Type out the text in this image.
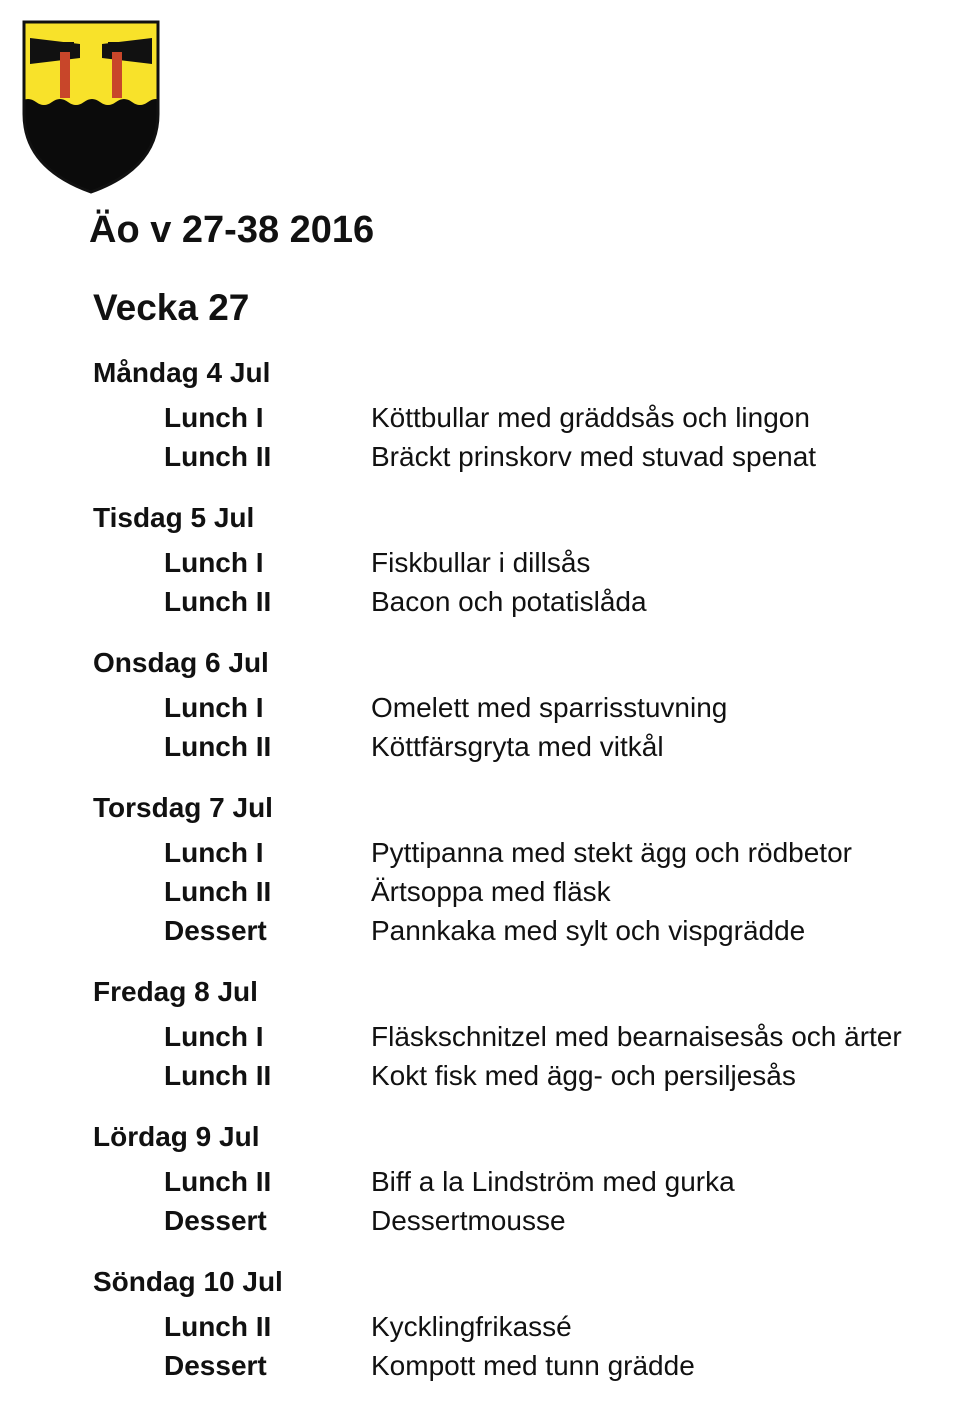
Äo v 27-38 2016
Vecka 27
Måndag 4 Jul
Lunch I	Köttbullar med gräddsås och lingon
Lunch II	Bräckt prinskorv med stuvad spenat
Tisdag 5 Jul
Lunch I	Fiskbullar i dillsås
Lunch II	Bacon och potatislåda
Onsdag 6 Jul
Lunch I	Omelett med sparrisstuvning
Lunch II	Köttfärsgryta med vitkål
Torsdag 7 Jul
Lunch I	Pyttipanna med stekt ägg och rödbetor
Lunch II	Ärtsoppa med fläsk
Dessert	Pannkaka med sylt och vispgrädde
Fredag 8 Jul
Lunch I	Fläskschnitzel med bearnaisesås och ärter
Lunch II	Kokt fisk med ägg- och persiljesås
Lördag 9 Jul
Lunch II	Biff a la Lindström med gurka
Dessert	Dessertmousse
Söndag 10 Jul
Lunch II	Kycklingfrikassé
Dessert	Kompott med tunn grädde
